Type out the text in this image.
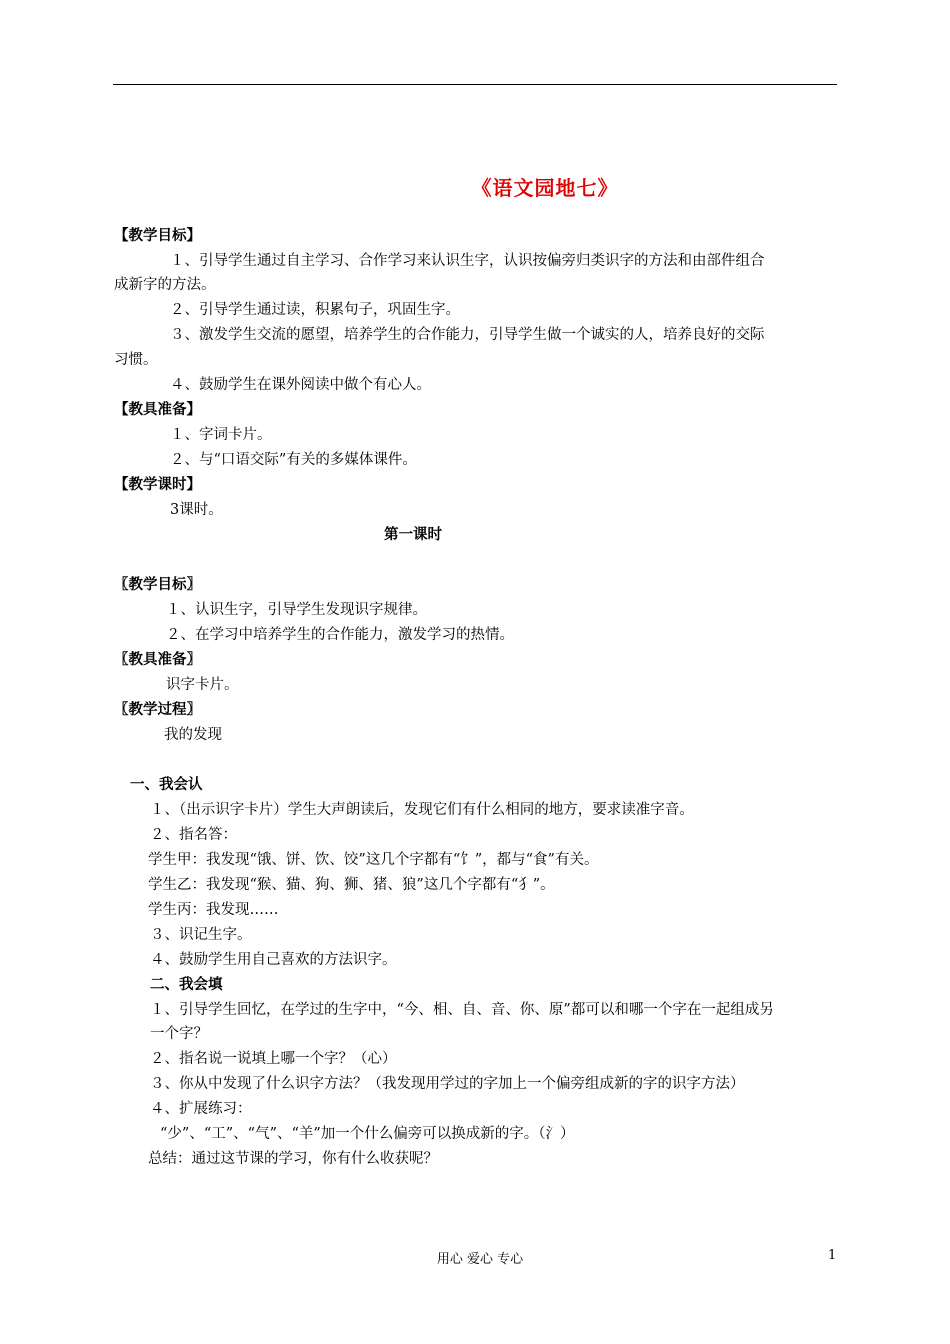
《语文园地七》
【教学目标】
１、引导学生通过自主学习、合作学习来认识生字，认识按偏旁归类识字的方法和由部件组合
成新字的方法。
２、引导学生通过读，积累句子，巩固生字。
３、激发学生交流的愿望，培养学生的合作能力，引导学生做一个诚实的人，培养良好的交际
习惯。
４、鼓励学生在课外阅读中做个有心人。
【教具准备】
１、字词卡片。
２、与“口语交际”有关的多媒体课件。
【教学课时】
3课时。
第一课时
〖教学目标〗
１、认识生字，引导学生发现识字规律。
２、在学习中培养学生的合作能力，激发学习的热情。
〖教具准备〗
识字卡片。
〖教学过程〗
我的发现
一、我会认
１、（出示识字卡片）学生大声朗读后，发现它们有什么相同的地方，要求读准字音。
２、指名答：
学生甲：我发现“饿、饼、饮、饺”这几个字都有“饣”，都与“食”有关。
学生乙：我发现“猴、猫、狗、狮、猪、狼”这几个字都有“犭”。
学生丙：我发现……
３、识记生字。
４、鼓励学生用自己喜欢的方法识字。
二、我会填
１、引导学生回忆，在学过的生字中，“今、相、自、音、你、原”都可以和哪一个字在一起组成另
一个字？
２、指名说一说填上哪一个字？（心）
３、你从中发现了什么识字方法？（我发现用学过的字加上一个偏旁组成新的字的识字方法）
４、扩展练习：
“少”、“工”、“气”、“羊”加一个什么偏旁可以换成新的字。（氵）
总结：通过这节课的学习，你有什么收获呢？
用心 爱心 专心	1
